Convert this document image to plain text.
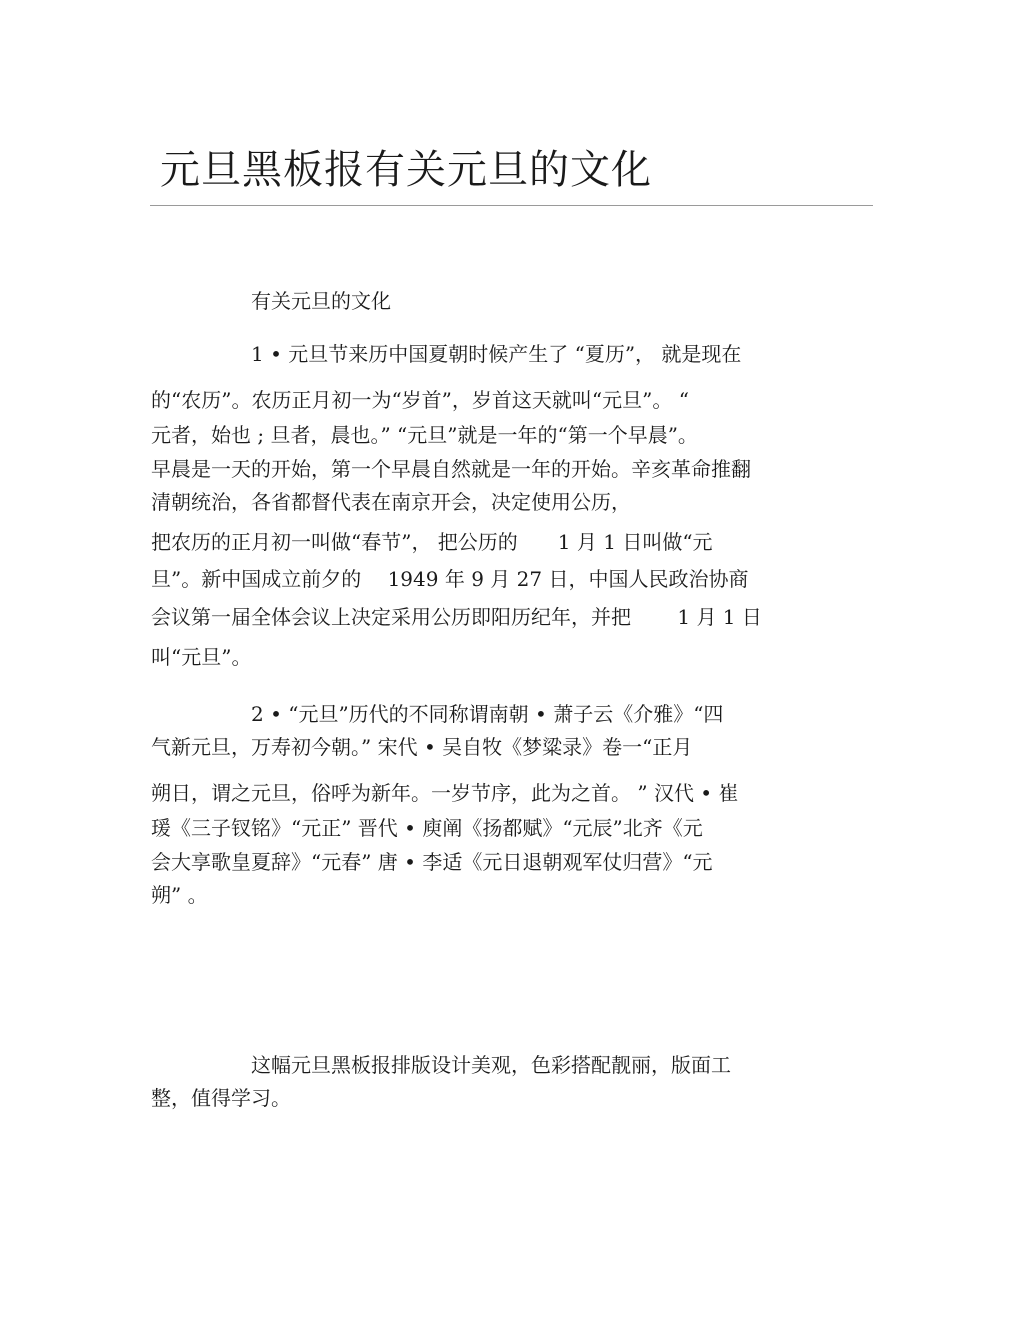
元旦黑板报有关元旦的文化

有关元旦的文化

1 • 元旦节来历中国夏朝时候产生了 “夏历”， 就是现在

的“农历”。农历正月初一为“岁首”，岁首这天就叫“元旦”。 “

元者，始也 ; 旦者，晨也。” “元旦”就是一年的“第一个早晨”。

早晨是一天的开始，第一个早晨自然就是一年的开始。辛亥革命推翻

清朝统治，各省都督代表在南京开会，决定使用公历，

把农历的正月初一叫做“春节”， 把公历的　　1 月 1 日叫做“元

旦”。新中国成立前夕的　 1949 年 9 月 27 日，中国人民政治协商

会议第一届全体会议上决定采用公历即阳历纪年，并把　　 1 月 1 日

叫“元旦”。

2 • “元旦”历代的不同称谓南朝 • 萧子云《介雅》“四

气新元旦，万寿初今朝。” 宋代 • 吴自牧《梦粱录》卷一“正月

朔日，谓之元旦，俗呼为新年。一岁节序，此为之首。 ” 汉代 • 崔

瑗《三子钗铭》“元正” 晋代 • 庾阐《扬都赋》“元辰”北齐《元

会大享歌皇夏辞》“元春” 唐 • 李适《元日退朝观军仗归营》“元

朔” 。

这幅元旦黑板报排版设计美观，色彩搭配靓丽，版面工

整，值得学习。
